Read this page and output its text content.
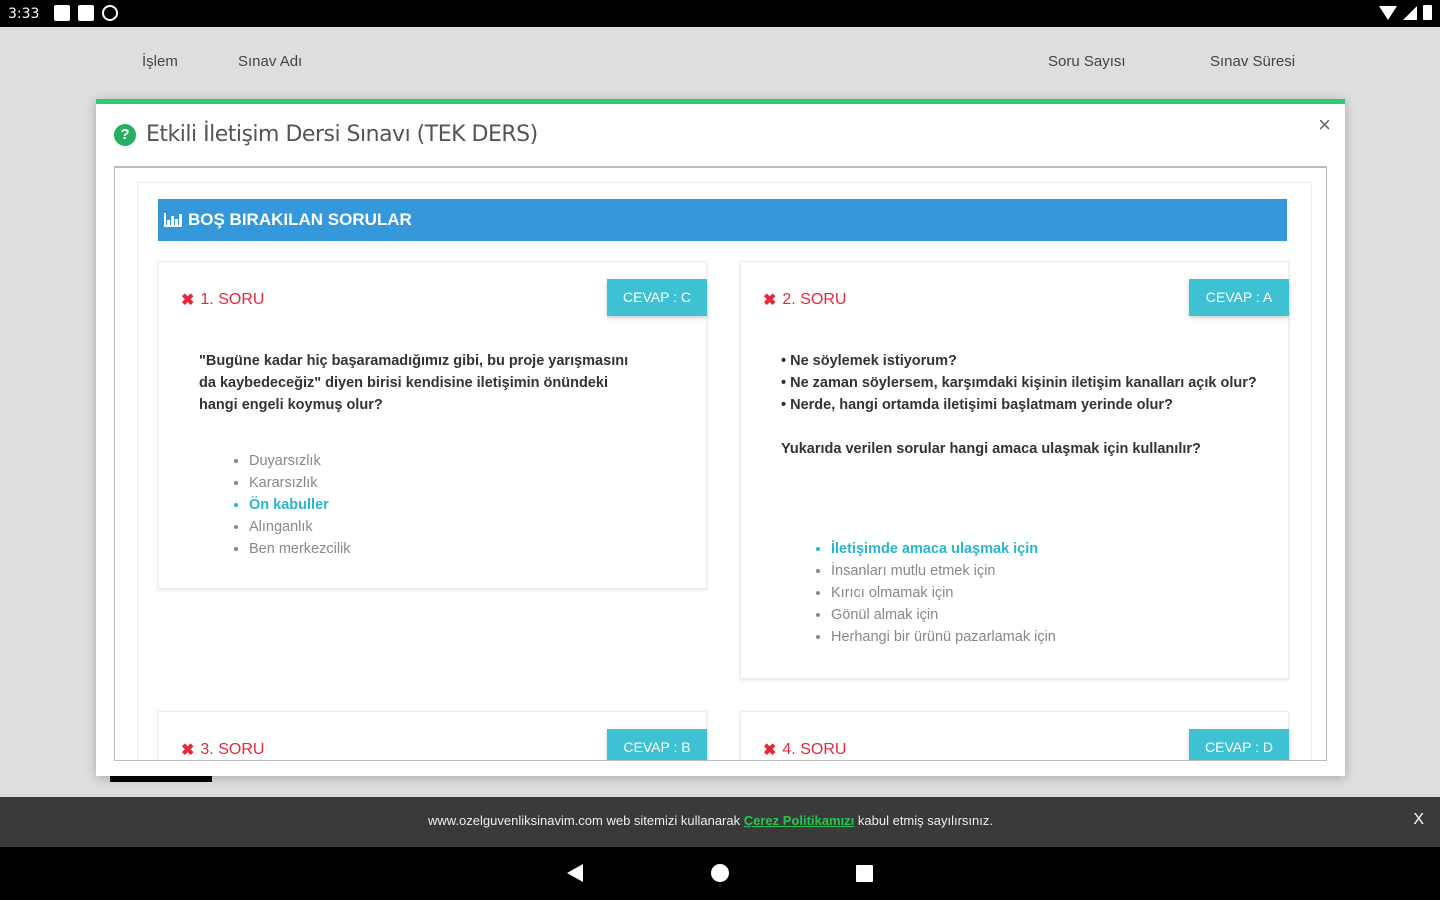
3:33
İşlem	Sınav Adı	Soru Sayısı	Sınav Süresi
? Etkili İletişim Dersi Sınavı (TEK DERS)	×
BOŞ BIRAKILAN SORULAR
✖ 1. SORU	CEVAP : C
"Bugüne kadar hiç başaramadığımız gibi, bu proje yarışmasını da kaybedeceğiz" diyen birisi kendisine iletişimin önündeki hangi engeli koymuş olur?
• Duyarsızlık
• Kararsızlık
• Ön kabuller
• Alınganlık
• Ben merkezcilik
✖ 2. SORU	CEVAP : A
• Ne söylemek istiyorum?
• Ne zaman söylersem, karşımdaki kişinin iletişim kanalları açık olur?
• Nerde, hangi ortamda iletişimi başlatmam yerinde olur?
Yukarıda verilen sorular hangi amaca ulaşmak için kullanılır?
• İletişimde amaca ulaşmak için
• İnsanları mutlu etmek için
• Kırıcı olmamak için
• Gönül almak için
• Herhangi bir ürünü pazarlamak için
✖ 3. SORU	CEVAP : B	✖ 4. SORU	CEVAP : D
www.ozelguvenliksinavim.com web sitemizi kullanarak Çerez Politikamızı kabul etmiş sayılırsınız.	X
